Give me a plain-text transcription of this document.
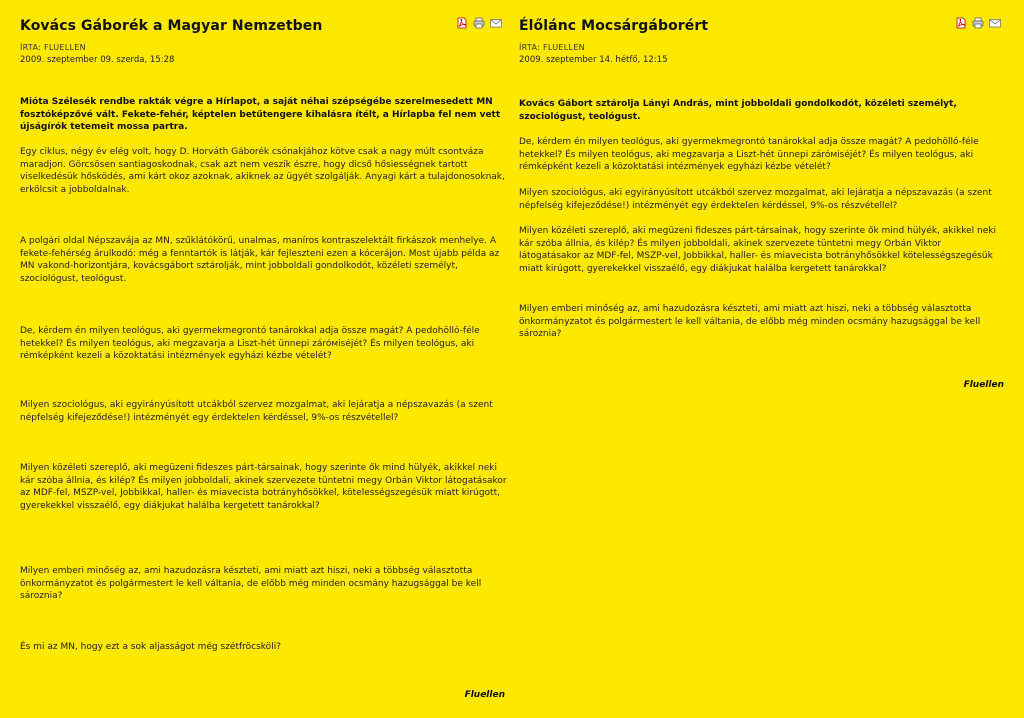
Kovács Gáborék a Magyar Nemzetben
ÍRTA: FLUELLEN
2009. szeptember 09. szerda, 15:28

Mióta Szélesék rendbe rakták végre a Hírlapot, a saját néhai szépségébe szerelmesedett MN fosztóképzővé vált. Fekete-fehér, képtelen betűtengere kihalásra ítélt, a Hírlapba fel nem vett újságírók tetemeit mossa partra.

Egy ciklus, négy év elég volt, hogy D. Horváth Gáborék csónakjához kötve csak a nagy múlt csontváza maradjon. Görcsösen santiagoskodnak, csak azt nem veszik észre, hogy dicső hősiességnek tartott viselkedésük hősködés, ami kárt okoz azoknak, akiknek az ügyét szolgálják. Anyagi kárt a tulajdonosoknak, erkölcsit a jobboldalnak.

A polgári oldal Népszavája az MN, szűklátókörű, unalmas, maníros kontraszelektált firkászok menhelye. A fekete-fehérség árulkodó: még a fenntartók is látják, kár fejleszteni ezen a kócerájon. Most újabb példa az MN vakond-horizontjára, kovácsgábort sztárolják, mint jobboldali gondolkodót, közéleti személyt, szociológust, teológust.

De, kérdem én milyen teológus, aki gyermekmegrontó tanárokkal adja össze magát? A pedohölló-féle hetekkel? És milyen teológus, aki megzavarja a Liszt-hét ünnepi záróміséjét? És milyen teológus, aki rémképként kezeli a közoktatási intézmények egyházi kézbe vételét?

Milyen szociológus, aki egyirányúsított utcákból szervez mozgalmat, aki lejáratja a népszavazás (a szent népfelség kifejeződése!) intézményét egy érdektelen kérdéssel, 9%-os részvétellel?

Milyen közéleti szereplő, aki megüzeni fideszes párt-társainak, hogy szerinte ők mind hülyék, akikkel neki kár szóba állnia, és kilép? És milyen jobboldali, akinek szervezete tüntetni megy Orbán Viktor látogatásakor az MDF-fel, MSZP-vel, Jobbikkal, haller- és miavecista botrányhősökkel, kötelességszegésük miatt kirúgott, gyerekekkel visszaélő, egy diákjukat halálba kergetett tanárokkal?

Milyen emberi minőség az, ami hazudozásra készteti, ami miatt azt hiszi, neki a többség választotta önkormányzatot és polgármestert le kell váltania, de előbb még minden ocsmány hazugsággal be kell sároznia?

És mi az MN, hogy ezt a sok aljasságot még szétfröcsköli?

Fluellen

Élőlánc Mocsárgáborért
ÍRTA: FLUELLEN
2009. szeptember 14. hétfő, 12:15

Kovács Gábort sztárolja Lányi András, mint jobboldali gondolkodót, közéleti személyt, szociológust, teológust.

De, kérdem én milyen teológus, aki gyermekmegrontó tanárokkal adja össze magát? A pedohölló-féle hetekkel? És milyen teológus, aki megzavarja a Liszt-hét ünnepi záróміséjét? És milyen teológus, aki rémképként kezeli a közoktatási intézmények egyházi kézbe vételét?

Milyen szociológus, aki egyirányúsított utcákból szervez mozgalmat, aki lejáratja a népszavazás (a szent népfelség kifejeződése!) intézményét egy érdektelen kérdéssel, 9%-os részvétellel?

Milyen közéleti szereplő, aki megüzeni fideszes párt-társainak, hogy szerinte ők mind hülyék, akikkel neki kár szóba állnia, és kilép? És milyen jobboldali, akinek szervezete tüntetni megy Orbán Viktor látogatásakor az MDF-fel, MSZP-vel, Jobbikkal, haller- és miavecista botrányhősökkel kötelességszegésük miatt kirúgott, gyerekekkel visszaélő, egy diákjukat halálba kergetett tanárokkal?

Milyen emberi minőség az, ami hazudozásra készteti, ami miatt azt hiszi, neki a többség választotta önkormányzatot és polgármestert le kell váltania, de előbb még minden ocsmány hazugsággal be kell sároznia?

Fluellen
